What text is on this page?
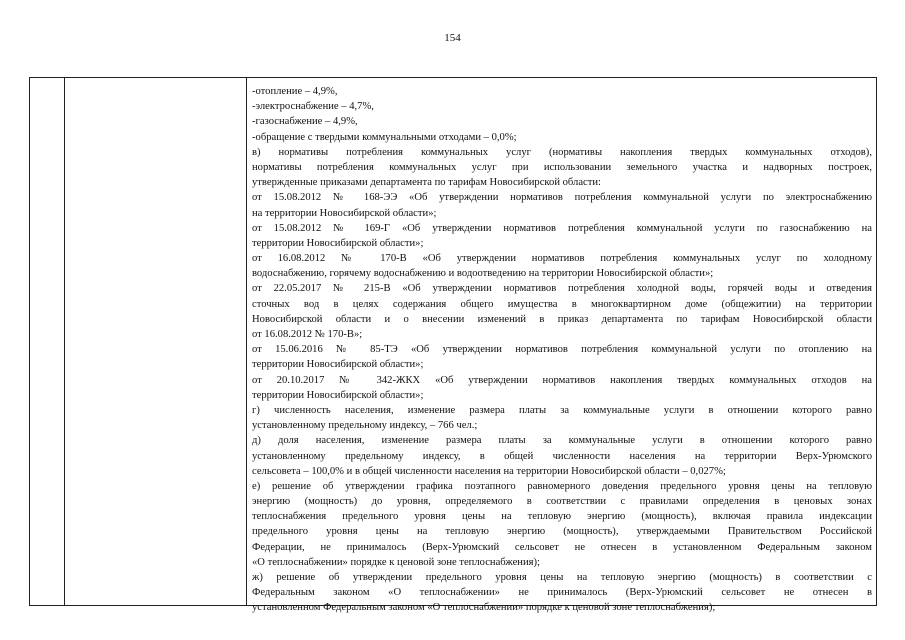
154
-отопление – 4,9%,
-электроснабжение – 4,7%,
-газоснабжение – 4,9%,
-обращение с твердыми коммунальными отходами – 0,0%;
в) нормативы потребления коммунальных услуг (нормативы накопления твердых коммунальных отходов),
нормативы потребления коммунальных услуг при использовании земельного участка и надворных построек,
утвержденные приказами департамента по тарифам Новосибирской области:
от 15.08.2012 № 168-ЭЭ «Об утверждении нормативов потребления коммунальной услуги по электроснабжению
на территории Новосибирской области»;
от 15.08.2012 № 169-Г «Об утверждении нормативов потребления коммунальной услуги по газоснабжению на
территории Новосибирской области»;
от 16.08.2012 № 170-В «Об утверждении нормативов потребления коммунальных услуг по холодному
водоснабжению, горячему водоснабжению и водоотведению на территории Новосибирской области»;
от 22.05.2017 № 215-В «Об утверждении нормативов потребления холодной воды, горячей воды и отведения
сточных вод в целях содержания общего имущества в многоквартирном доме (общежитии) на территории
Новосибирской области и о внесении изменений в приказ департамента по тарифам Новосибирской области
от 16.08.2012 № 170-В»;
от 15.06.2016 № 85-ТЭ «Об утверждении нормативов потребления коммунальной услуги по отоплению на
территории Новосибирской области»;
от 20.10.2017 № 342-ЖКХ «Об утверждении нормативов накопления твердых коммунальных отходов на
территории Новосибирской области»;
г) численность населения, изменение размера платы за коммунальные услуги в отношении которого равно
установленному предельному индексу, – 766 чел.;
д) доля населения, изменение размера платы за коммунальные услуги в отношении которого равно
установленному предельному индексу, в общей численности населения на территории Верх-Урюмского
сельсовета – 100,0% и в общей численности населения на территории Новосибирской области – 0,027%;
е) решение об утверждении графика поэтапного равномерного доведения предельного уровня цены на тепловую
энергию (мощность) до уровня, определяемого в соответствии с правилами определения в ценовых зонах
теплоснабжения предельного уровня цены на тепловую энергию (мощность), включая правила индексации
предельного уровня цены на тепловую энергию (мощность), утверждаемыми Правительством Российской
Федерации, не принималось (Верх-Урюмский сельсовет не отнесен в установленном Федеральным законом
«О теплоснабжении» порядке к ценовой зоне теплоснабжения);
ж) решение об утверждении предельного уровня цены на тепловую энергию (мощность) в соответствии с
Федеральным законом «О теплоснабжении» не принималось (Верх-Урюмский сельсовет не отнесен в
установленном Федеральным законом «О теплоснабжении» порядке к ценовой зоне теплоснабжения);
